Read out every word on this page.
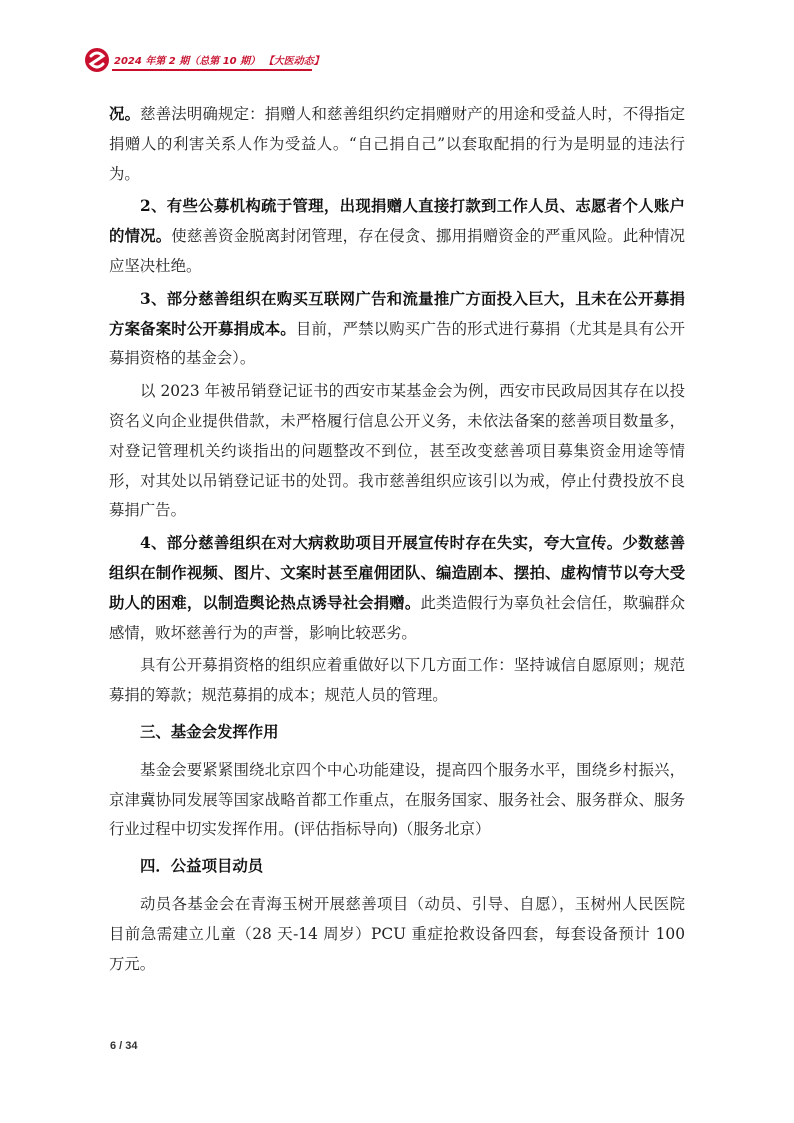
2024 年第 2 期（总第 10 期） 【大医动态】

况。慈善法明确规定：捐赠人和慈善组织约定捐赠财产的用途和受益人时，不得指定捐赠人的利害关系人作为受益人。“自己捐自己”以套取配捐的行为是明显的违法行为。

2、有些公募机构疏于管理，出现捐赠人直接打款到工作人员、志愿者个人账户的情况。使慈善资金脱离封闭管理，存在侵贪、挪用捐赠资金的严重风险。此种情况应坚决杜绝。

3、部分慈善组织在购买互联网广告和流量推广方面投入巨大，且未在公开募捐方案备案时公开募捐成本。目前，严禁以购买广告的形式进行募捐（尤其是具有公开募捐资格的基金会）。

以 2023 年被吊销登记证书的西安市某基金会为例，西安市民政局因其存在以投资名义向企业提供借款，未严格履行信息公开义务，未依法备案的慈善项目数量多，对登记管理机关约谈指出的问题整改不到位，甚至改变慈善项目募集资金用途等情形，对其处以吊销登记证书的处罚。我市慈善组织应该引以为戒，停止付费投放不良募捐广告。

4、部分慈善组织在对大病救助项目开展宣传时存在失实，夸大宣传。少数慈善组织在制作视频、图片、文案时甚至雇佣团队、编造剧本、摆拍、虚构情节以夸大受助人的困难，以制造舆论热点诱导社会捐赠。此类造假行为辜负社会信任，欺骗群众感情，败坏慈善行为的声誉，影响比较恶劣。

具有公开募捐资格的组织应着重做好以下几方面工作：坚持诚信自愿原则；规范募捐的筹款；规范募捐的成本；规范人员的管理。

三、基金会发挥作用

基金会要紧紧围绕北京四个中心功能建设，提高四个服务水平，围绕乡村振兴，京津冀协同发展等国家战略首都工作重点，在服务国家、服务社会、服务群众、服务行业过程中切实发挥作用。(评估指标导向)（服务北京）

四．公益项目动员

动员各基金会在青海玉树开展慈善项目（动员、引导、自愿），玉树州人民医院目前急需建立儿童（28 天-14 周岁）PCU 重症抢救设备四套，每套设备预计 100 万元。

6 / 34
